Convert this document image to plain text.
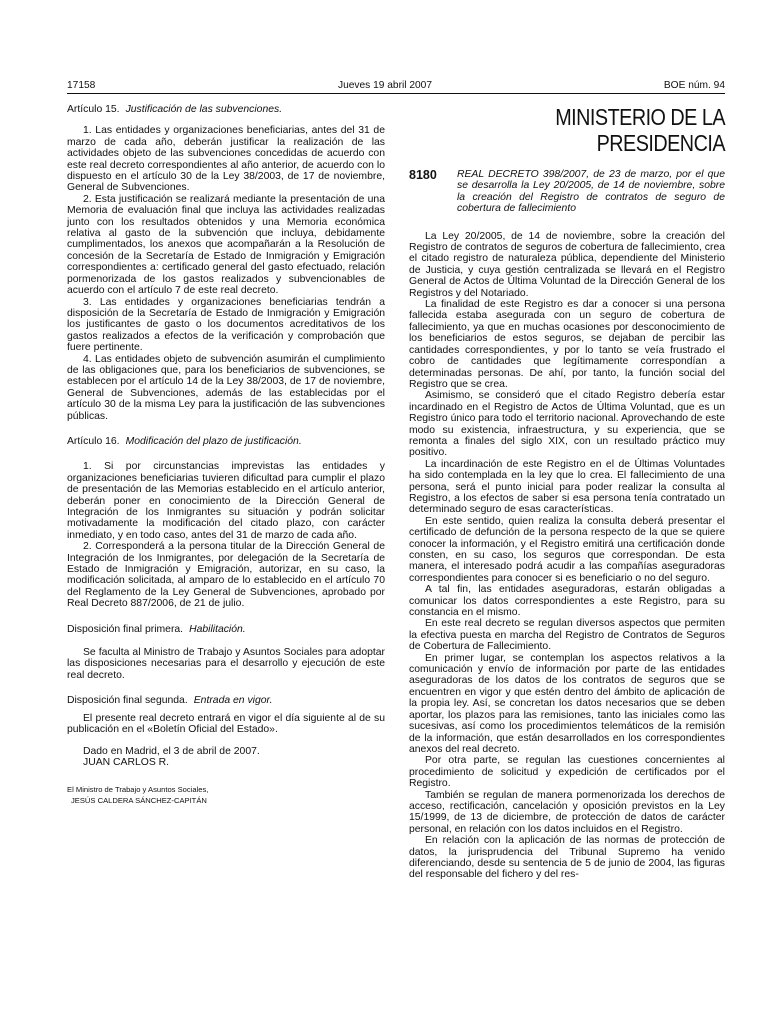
17158	Jueves 19 abril 2007	BOE núm. 94

Artículo 15. Justificación de las subvenciones.

1. Las entidades y organizaciones beneficiarias, antes del 31 de marzo de cada año, deberán justificar la realización de las actividades objeto de las subvenciones concedidas de acuerdo con este real decreto correspondientes al año anterior, de acuerdo con lo dispuesto en el artículo 30 de la Ley 38/2003, de 17 de noviembre, General de Subvenciones.

2. Esta justificación se realizará mediante la presentación de una Memoria de evaluación final que incluya las actividades realizadas junto con los resultados obtenidos y una Memoria económica relativa al gasto de la subvención que incluya, debidamente cumplimentados, los anexos que acompañarán a la Resolución de concesión de la Secretaría de Estado de Inmigración y Emigración correspondientes a: certificado general del gasto efectuado, relación pormenorizada de los gastos realizados y subvencionables de acuerdo con el artículo 7 de este real decreto.

3. Las entidades y organizaciones beneficiarias tendrán a disposición de la Secretaría de Estado de Inmigración y Emigración los justificantes de gasto o los documentos acreditativos de los gastos realizados a efectos de la verificación y comprobación que fuere pertinente.

4. Las entidades objeto de subvención asumirán el cumplimiento de las obligaciones que, para los beneficiarios de subvenciones, se establecen por el artículo 14 de la Ley 38/2003, de 17 de noviembre, General de Subvenciones, además de las establecidas por el artículo 30 de la misma Ley para la justificación de las subvenciones públicas.

Artículo 16. Modificación del plazo de justificación.

1. Si por circunstancias imprevistas las entidades y organizaciones beneficiarias tuvieren dificultad para cumplir el plazo de presentación de las Memorias establecido en el artículo anterior, deberán poner en conocimiento de la Dirección General de Integración de los Inmigrantes su situación y podrán solicitar motivadamente la modificación del citado plazo, con carácter inmediato, y en todo caso, antes del 31 de marzo de cada año.

2. Corresponderá a la persona titular de la Dirección General de Integración de los Inmigrantes, por delegación de la Secretaría de Estado de Inmigración y Emigración, autorizar, en su caso, la modificación solicitada, al amparo de lo establecido en el artículo 70 del Reglamento de la Ley General de Subvenciones, aprobado por Real Decreto 887/2006, de 21 de julio.

Disposición final primera. Habilitación.

Se faculta al Ministro de Trabajo y Asuntos Sociales para adoptar las disposiciones necesarias para el desarrollo y ejecución de este real decreto.

Disposición final segunda. Entrada en vigor.

El presente real decreto entrará en vigor el día siguiente al de su publicación en el «Boletín Oficial del Estado».

Dado en Madrid, el 3 de abril de 2007.

JUAN CARLOS R.

El Ministro de Trabajo y Asuntos Sociales,

JESÚS CALDERA SÁNCHEZ-CAPITÁN

MINISTERIO DE LA PRESIDENCIA
8180	REAL DECRETO 398/2007, de 23 de marzo, por el que se desarrolla la Ley 20/2005, de 14 de noviembre, sobre la creación del Registro de contratos de seguro de cobertura de fallecimiento

La Ley 20/2005, de 14 de noviembre, sobre la creación del Registro de contratos de seguros de cobertura de fallecimiento, crea el citado registro de naturaleza pública, dependiente del Ministerio de Justicia, y cuya gestión centralizada se llevará en el Registro General de Actos de Última Voluntad de la Dirección General de los Registros y del Notariado.

La finalidad de este Registro es dar a conocer si una persona fallecida estaba asegurada con un seguro de cobertura de fallecimiento, ya que en muchas ocasiones por desconocimiento de los beneficiarios de estos seguros, se dejaban de percibir las cantidades correspondientes, y por lo tanto se veía frustrado el cobro de cantidades que legítimamente correspondían a determinadas personas. De ahí, por tanto, la función social del Registro que se crea.

Asimismo, se consideró que el citado Registro debería estar incardinado en el Registro de Actos de Última Voluntad, que es un Registro único para todo el territorio nacional. Aprovechando de este modo su existencia, infraestructura, y su experiencia, que se remonta a finales del siglo XIX, con un resultado práctico muy positivo.

La incardinación de este Registro en el de Últimas Voluntades ha sido contemplada en la ley que lo crea. El fallecimiento de una persona, será el punto inicial para poder realizar la consulta al Registro, a los efectos de saber si esa persona tenía contratado un determinado seguro de esas características.

En este sentido, quien realiza la consulta deberá presentar el certificado de defunción de la persona respecto de la que se quiere conocer la información, y el Registro emitirá una certificación donde consten, en su caso, los seguros que correspondan. De esta manera, el interesado podrá acudir a las compañías aseguradoras correspondientes para conocer si es beneficiario o no del seguro.

A tal fin, las entidades aseguradoras, estarán obligadas a comunicar los datos correspondientes a este Registro, para su constancia en el mismo.

En este real decreto se regulan diversos aspectos que permiten la efectiva puesta en marcha del Registro de Contratos de Seguros de Cobertura de Fallecimiento.

En primer lugar, se contemplan los aspectos relativos a la comunicación y envío de información por parte de las entidades aseguradoras de los datos de los contratos de seguros que se encuentren en vigor y que estén dentro del ámbito de aplicación de la propia ley. Así, se concretan los datos necesarios que se deben aportar, los plazos para las remisiones, tanto las iniciales como las sucesivas, así como los procedimientos telemáticos de la remisión de la información, que están desarrollados en los correspondientes anexos del real decreto.

Por otra parte, se regulan las cuestiones concernientes al procedimiento de solicitud y expedición de certificados por el Registro.

También se regulan de manera pormenorizada los derechos de acceso, rectificación, cancelación y oposición previstos en la Ley 15/1999, de 13 de diciembre, de protección de datos de carácter personal, en relación con los datos incluidos en el Registro.

En relación con la aplicación de las normas de protección de datos, la jurisprudencia del Tribunal Supremo ha venido diferenciando, desde su sentencia de 5 de junio de 2004, las figuras del responsable del fichero y del res-
